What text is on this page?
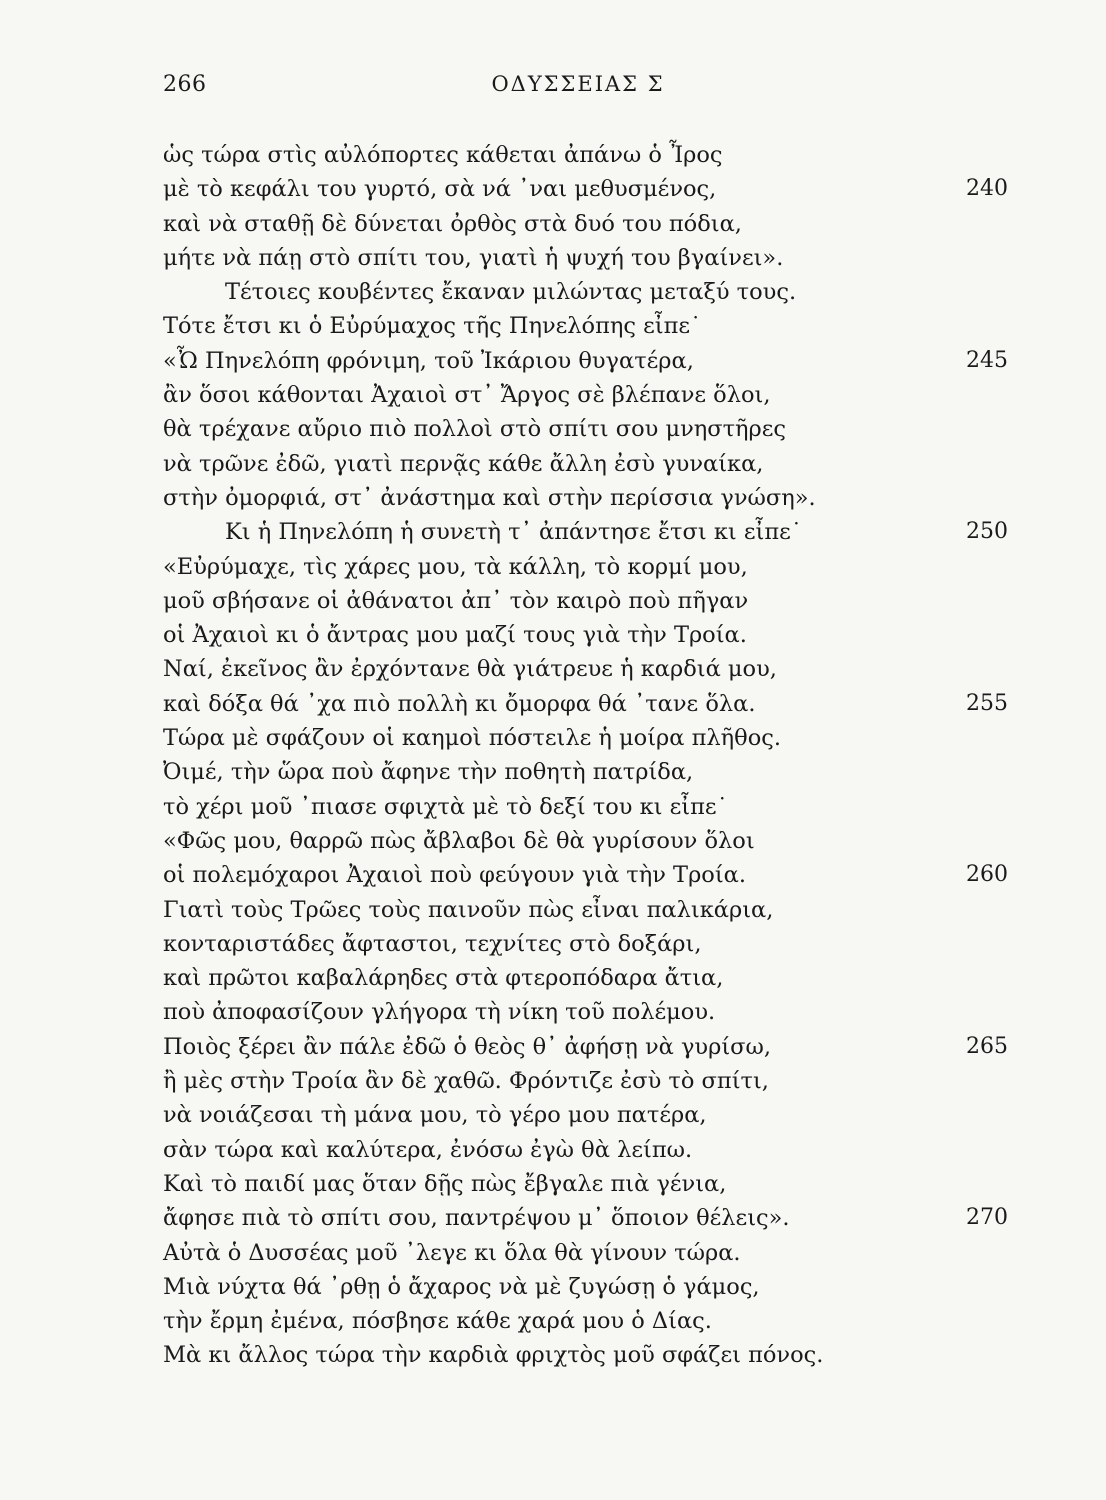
266	ΟΔΥΣΣΕΙΑΣ Σ
ὡς τώρα στὶς αὐλόπορτες κάθεται ἀπάνω ὁ Ἶρος
μὲ τὸ κεφάλι του γυρτό, σὰ νά ᾽ναι μεθυσμένος,	240
καὶ νὰ σταθῇ δὲ δύνεται ὀρθὸς στὰ δυό του πόδια,
μήτε νὰ πάῃ στὸ σπίτι του, γιατὶ ἡ ψυχή του βγαίνει».
Τέτοιες κουβέντες ἔκαναν μιλώντας μεταξύ τους.
Τότε ἔτσι κι ὁ Εὐρύμαχος τῆς Πηνελόπης εἶπε˙
«Ὦ Πηνελόπη φρόνιμη, τοῦ Ἰκάριου θυγατέρα,	245
ἂν ὅσοι κάθονται Ἀχαιοὶ στ᾽ Ἄργος σὲ βλέπανε ὅλοι,
θὰ τρέχανε αὔριο πιὸ πολλοὶ στὸ σπίτι σου μνηστῆρες
νὰ τρῶνε ἐδῶ, γιατὶ περνᾷς κάθε ἄλλη ἐσὺ γυναίκα,
στὴν ὀμορφιά, στ᾽ ἀνάστημα καὶ στὴν περίσσια γνώση».
Κι ἡ Πηνελόπη ἡ συνετὴ τ᾽ ἀπάντησε ἔτσι κι εἶπε˙	250
«Εὐρύμαχε, τὶς χάρες μου, τὰ κάλλη, τὸ κορμί μου,
μοῦ σβήσανε οἱ ἀθάνατοι ἀπ᾽ τὸν καιρὸ ποὺ πῆγαν
οἱ Ἀχαιοὶ κι ὁ ἄντρας μου μαζί τους γιὰ τὴν Τροία.
Ναί, ἐκεῖνος ἂν ἐρχόντανε θὰ γιάτρευε ἡ καρδιά μου,
καὶ δόξα θά ᾽χα πιὸ πολλὴ κι ὄμορφα θά ᾽τανε ὅλα.	255
Τώρα μὲ σφάζουν οἱ καημοὶ πόστειλε ἡ μοίρα πλῆθος.
Ὀιμέ, τὴν ὥρα ποὺ ἄφηνε τὴν ποθητὴ πατρίδα,
τὸ χέρι μοῦ ᾽πιασε σφιχτὰ μὲ τὸ δεξί του κι εἶπε˙
«Φῶς μου, θαρρῶ πὼς ἄβλαβοι δὲ θὰ γυρίσουν ὅλοι
οἱ πολεμόχαροι Ἀχαιοὶ ποὺ φεύγουν γιὰ τὴν Τροία.	260
Γιατὶ τοὺς Τρῶες τοὺς παινοῦν πὼς εἶναι παλικάρια,
κονταριστάδες ἄφταστοι, τεχνίτες στὸ δοξάρι,
καὶ πρῶτοι καβαλάρηδες στὰ φτεροπόδαρα ἄτια,
ποὺ ἀποφασίζουν γλήγορα τὴ νίκη τοῦ πολέμου.
Ποιὸς ξέρει ἂν πάλε ἐδῶ ὁ θεὸς θ᾽ ἀφήσῃ νὰ γυρίσω,	265
ἢ μὲς στὴν Τροία ἂν δὲ χαθῶ. Φρόντιζε ἐσὺ τὸ σπίτι,
νὰ νοιάζεσαι τὴ μάνα μου, τὸ γέρο μου πατέρα,
σὰν τώρα καὶ καλύτερα, ἐνόσω ἐγὼ θὰ λείπω.
Καὶ τὸ παιδί μας ὅταν δῇς πὼς ἔβγαλε πιὰ γένια,
ἄφησε πιὰ τὸ σπίτι σου, παντρέψου μ᾽ ὅποιον θέλεις».	270
Αὐτὰ ὁ Δυσσέας μοῦ ᾽λεγε κι ὅλα θὰ γίνουν τώρα.
Μιὰ νύχτα θά ᾽ρθῃ ὁ ἄχαρος νὰ μὲ ζυγώσῃ ὁ γάμος,
τὴν ἔρμη ἐμένα, πόσβησε κάθε χαρά μου ὁ Δίας.
Μὰ κι ἄλλος τώρα τὴν καρδιὰ φριχτὸς μοῦ σφάζει πόνος.
